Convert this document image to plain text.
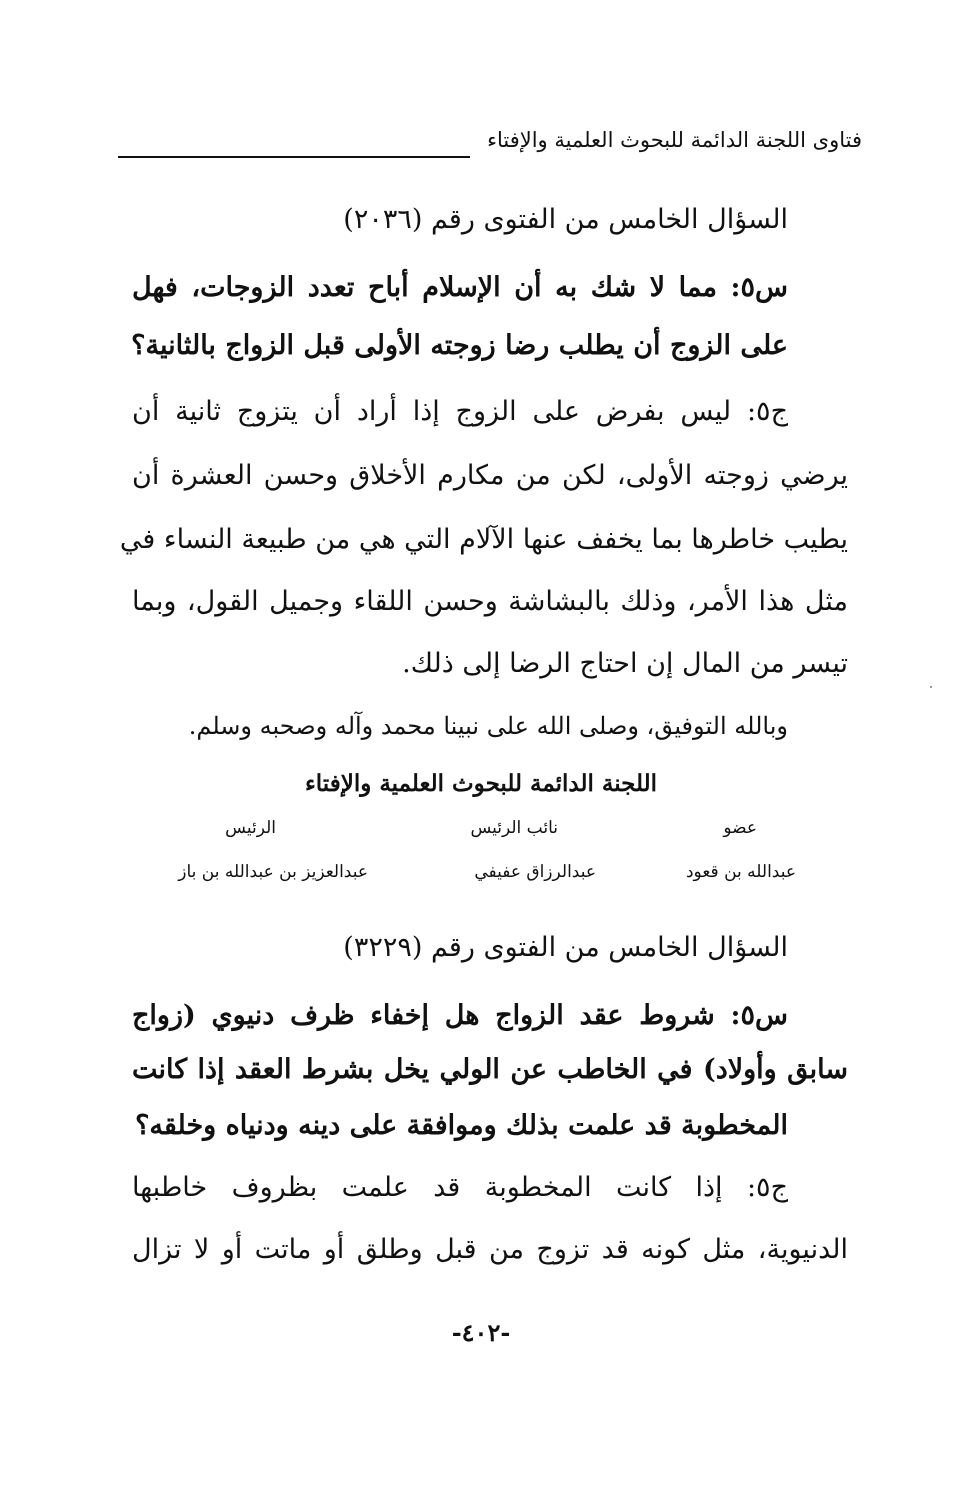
فتاوى اللجنة الدائمة للبحوث العلمية والإفتاء
السؤال الخامس من الفتوى رقم (٢٠٣٦)
س٥: مما لا شك به أن الإسلام أباح تعدد الزوجات، فهل
على الزوج أن يطلب رضا زوجته الأولى قبل الزواج بالثانية؟
ج٥: ليس بفرض على الزوج إذا أراد أن يتزوج ثانية أن
يرضي زوجته الأولى، لكن من مكارم الأخلاق وحسن العشرة أن
يطيب خاطرها بما يخفف عنها الآلام التي هي من طبيعة النساء في
مثل هذا الأمر، وذلك بالبشاشة وحسن اللقاء وجميل القول، وبما
تيسر من المال إن احتاج الرضا إلى ذلك.
وبالله التوفيق، وصلى الله على نبينا محمد وآله وصحبه وسلم.
اللجنة الدائمة للبحوث العلمية والإفتاء
عضو
نائب الرئيس
الرئيس
عبدالله بن قعود
عبدالرزاق عفيفي
عبدالعزيز بن عبدالله بن باز
السؤال الخامس من الفتوى رقم (٣٢٢٩)
س٥: شروط عقد الزواج هل إخفاء ظرف دنيوي (زواج
سابق وأولاد) في الخاطب عن الولي يخل بشرط العقد إذا كانت
المخطوبة قد علمت بذلك وموافقة على دينه ودنياه وخلقه؟
ج٥: إذا كانت المخطوبة قد علمت بظروف خاطبها
الدنيوية، مثل كونه قد تزوج من قبل وطلق أو ماتت أو لا تزال
-٤٠٢-
